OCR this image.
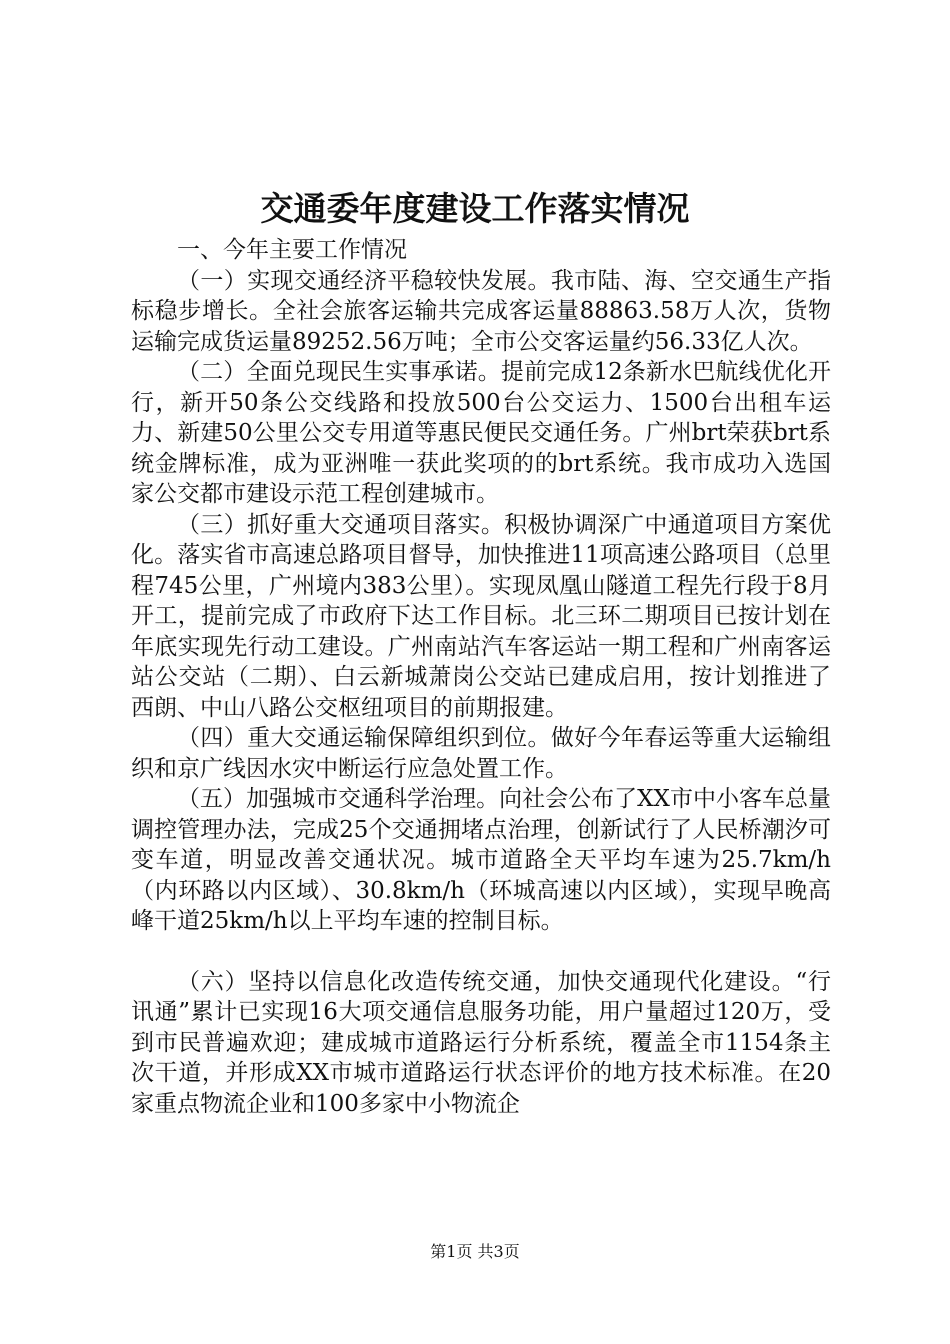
交通委年度建设工作落实情况

一、今年主要工作情况

（一）实现交通经济平稳较快发展。我市陆、海、空交通生产指标稳步增长。全社会旅客运输共完成客运量88863.58万人次，货物运输完成货运量89252.56万吨；全市公交客运量约56.33亿人次。

（二）全面兑现民生实事承诺。提前完成12条新水巴航线优化开行，新开50条公交线路和投放500台公交运力、1500台出租车运力、新建50公里公交专用道等惠民便民交通任务。广州brt荣获brt系统金牌标准，成为亚洲唯一获此奖项的的brt系统。我市成功入选国家公交都市建设示范工程创建城市。

（三）抓好重大交通项目落实。积极协调深广中通道项目方案优化。落实省市高速总路项目督导，加快推进11项高速公路项目（总里程745公里，广州境内383公里）。实现凤凰山隧道工程先行段于8月开工，提前完成了市政府下达工作目标。北三环二期项目已按计划在年底实现先行动工建设。广州南站汽车客运站一期工程和广州南客运站公交站（二期）、白云新城萧岗公交站已建成启用，按计划推进了西朗、中山八路公交枢纽项目的前期报建。

（四）重大交通运输保障组织到位。做好今年春运等重大运输组织和京广线因水灾中断运行应急处置工作。

（五）加强城市交通科学治理。向社会公布了XX市中小客车总量调控管理办法，完成25个交通拥堵点治理，创新试行了人民桥潮汐可变车道，明显改善交通状况。城市道路全天平均车速为25.7km/h（内环路以内区域）、30.8km/h（环城高速以内区域），实现早晚高峰干道25km/h以上平均车速的控制目标。

（六）坚持以信息化改造传统交通，加快交通现代化建设。“行讯通”累计已实现16大项交通信息服务功能，用户量超过120万，受到市民普遍欢迎；建成城市道路运行分析系统，覆盖全市1154条主次干道，并形成XX市城市道路运行状态评价的地方技术标准。在20家重点物流企业和100多家中小物流企

第1页 共3页
